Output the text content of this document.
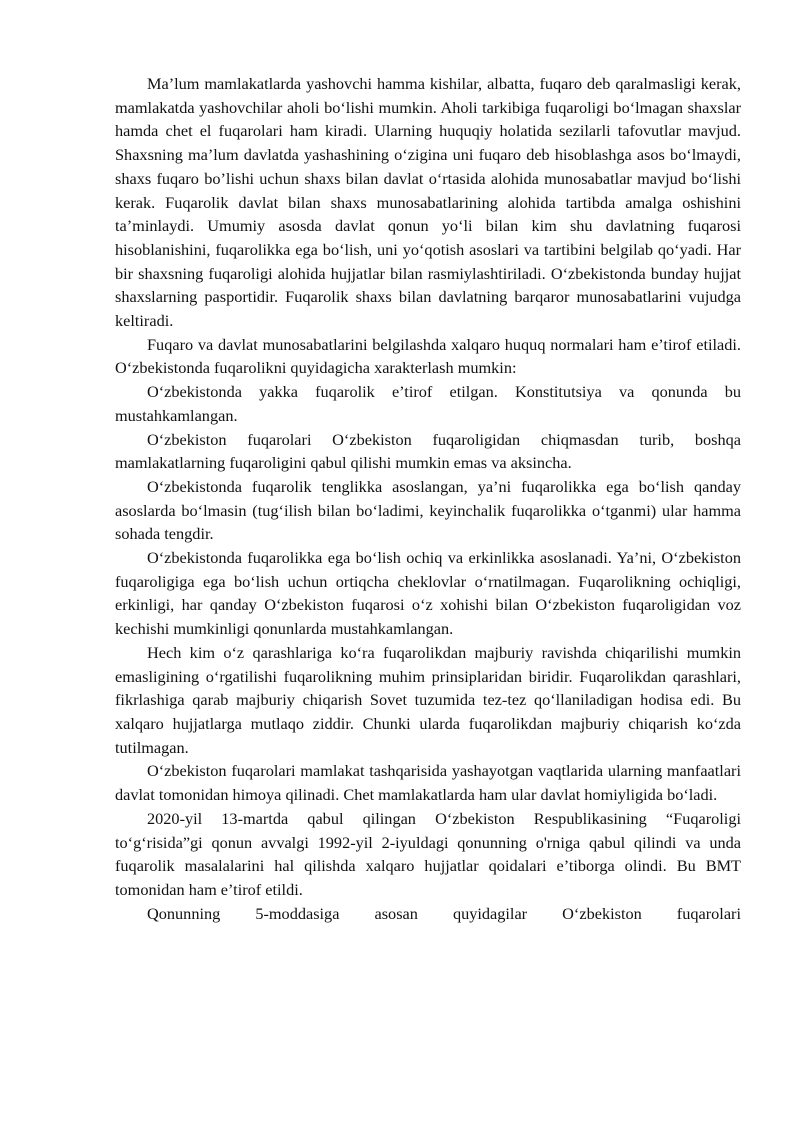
Ma’lum mamlakatlarda yashovchi hamma kishilar, albatta, fuqaro deb qaralmasligi kerak, mamlakatda yashovchilar aholi bo‘lishi mumkin. Aholi tarkibiga fuqaroligi bo‘lmagan shaxslar hamda chet el fuqarolari ham kiradi. Ularning huquqiy holatida sezilarli tafovutlar mavjud. Shaxsning ma’lum davlatda yashashining o‘zigina uni fuqaro deb hisoblashga asos bo‘lmaydi, shaxs fuqaro bo’lishi uchun shaxs bilan davlat o‘rtasida alohida munosabatlar mavjud bo‘lishi kerak. Fuqarolik davlat bilan shaxs munosabatlarining alohida tartibda amalga oshishini ta’minlaydi. Umumiy asosda davlat qonun yo‘li bilan kim shu davlatning fuqarosi hisoblanishini, fuqarolikka ega bo‘lish, uni yo‘qotish asoslari va tartibini belgilab qo‘yadi. Har bir shaxsning fuqaroligi alohida hujjatlar bilan rasmiylashtiriladi. O‘zbekistonda bunday hujjat shaxslarning pasportidir. Fuqarolik shaxs bilan davlatning barqaror munosabatlarini vujudga keltiradi.

Fuqaro va davlat munosabatlarini belgilashda xalqaro huquq normalari ham e’tirof etiladi. O‘zbekistonda fuqarolikni quyidagicha xarakterlash mumkin:

O‘zbekistonda yakka fuqarolik e’tirof etilgan. Konstitutsiya va qonunda bu mustahkamlangan.

O‘zbekiston fuqarolari O‘zbekiston fuqaroligidan chiqmasdan turib, boshqa mamlakatlarning fuqaroligini qabul qilishi mumkin emas va aksincha.

O‘zbekistonda fuqarolik tenglikka asoslangan, ya’ni fuqarolikka ega bo‘lish qanday asoslarda bo‘lmasin (tug‘ilish bilan bo‘ladimi, keyinchalik fuqarolikka o‘tganmi) ular hamma sohada tengdir.

O‘zbekistonda fuqarolikka ega bo‘lish ochiq va erkinlikka asoslanadi. Ya’ni, O‘zbekiston fuqaroligiga ega bo‘lish uchun ortiqcha cheklovlar o‘rnatilmagan. Fuqarolikning ochiqligi, erkinligi, har qanday O‘zbekiston fuqarosi o‘z xohishi bilan O‘zbekiston fuqaroligidan voz kechishi mumkinligi qonunlarda mustahkamlangan.

Hech kim o‘z qarashlariga ko‘ra fuqarolikdan majburiy ravishda chiqarilishi mumkin emasligining o‘rgatilishi fuqarolikning muhim prinsiplaridan biridir. Fuqarolikdan qarashlari, fikrlashiga qarab majburiy chiqarish Sovet tuzumida tez-tez qo‘llaniladigan hodisa edi. Bu xalqaro hujjatlarga mutlaqo ziddir. Chunki ularda fuqarolikdan majburiy chiqarish ko‘zda tutilmagan.

O‘zbekiston fuqarolari mamlakat tashqarisida yashayotgan vaqtlarida ularning manfaatlari davlat tomonidan himoya qilinadi. Chet mamlakatlarda ham ular davlat homiyligida bo‘ladi.

2020-yil 13-martda qabul qilingan O‘zbekiston Respublikasining “Fuqaroligi to‘g‘risida”gi qonun avvalgi 1992-yil 2-iyuldagi qonunning o'rniga qabul qilindi va unda fuqarolik masalalarini hal qilishda xalqaro hujjatlar qoidalari e’tiborga olindi. Bu BMT tomonidan ham e’tirof etildi.

Qonunning 5-moddasiga asosan quyidagilar O‘zbekiston fuqarolari
